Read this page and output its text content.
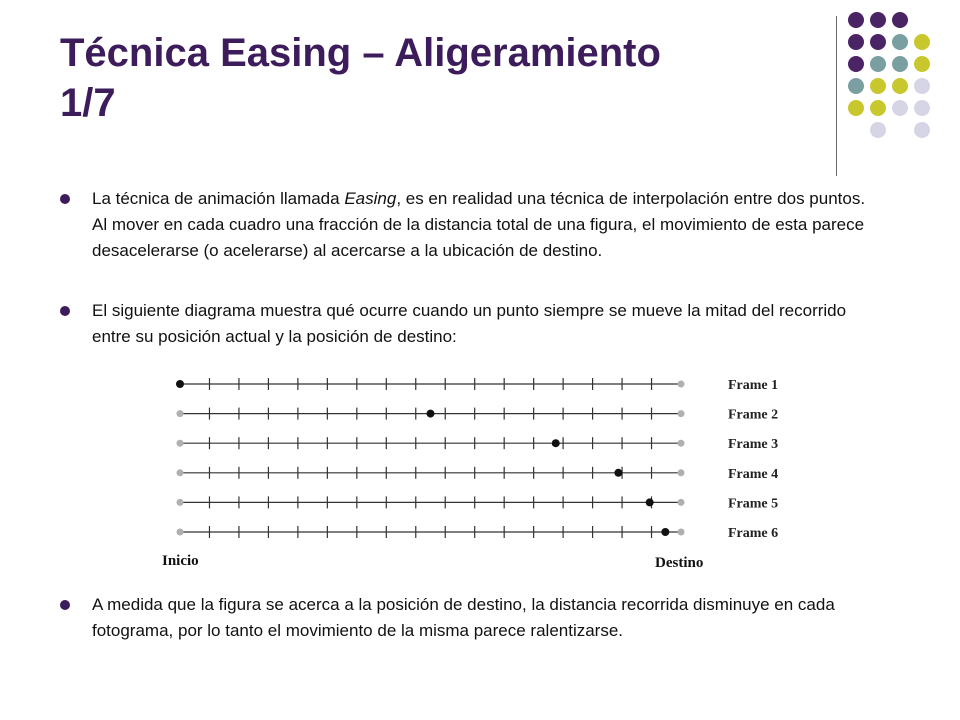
Técnica Easing – Aligeramiento
1/7
La técnica de animación llamada Easing, es en realidad una técnica de interpolación entre dos puntos. Al mover en cada cuadro una fracción de la distancia total de una figura, el movimiento de esta parece desacelerarse (o acelerarse) al acercarse a la ubicación de destino.
El siguiente diagrama muestra qué ocurre cuando un punto siempre se mueve la mitad del recorrido entre su posición actual y la posición de destino:
Inicio	Destino
Frame 1
Frame 2
Frame 3
Frame 4
Frame 5
Frame 6
A medida que la figura se acerca a la posición de destino, la distancia recorrida disminuye en cada fotograma, por lo tanto el movimiento de la misma parece ralentizarse.
